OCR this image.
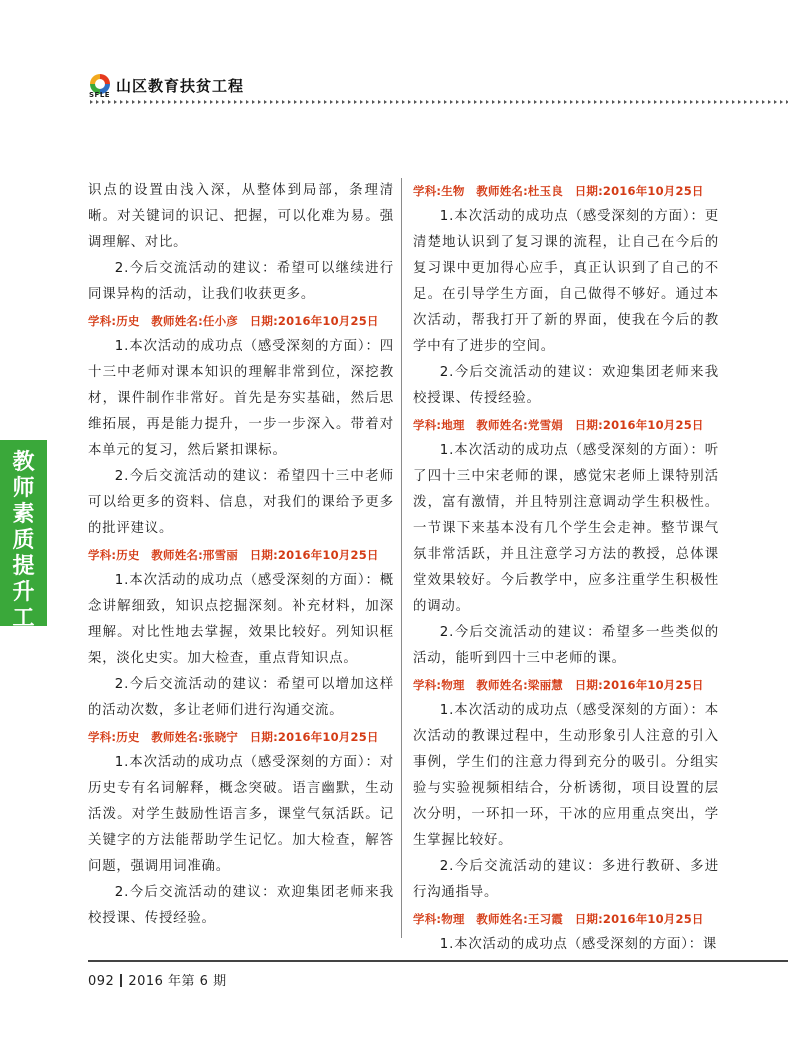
SFLE 山区教育扶贫工程
教
师
素
质
提
升
工
程

识点的设置由浅入深，从整体到局部，条理清晰。对关键词的识记、把握，可以化难为易。强调理解、对比。

2.今后交流活动的建议：希望可以继续进行同课异构的活动，让我们收获更多。

学科:历史　教师姓名:任小彦　日期:2016年10月25日

1.本次活动的成功点（感受深刻的方面）：四十三中老师对课本知识的理解非常到位，深挖教材，课件制作非常好。首先是夯实基础，然后思维拓展，再是能力提升，一步一步深入。带着对本单元的复习，然后紧扣课标。

2.今后交流活动的建议：希望四十三中老师可以给更多的资料、信息，对我们的课给予更多的批评建议。

学科:历史　教师姓名:邢雪丽　日期:2016年10月25日

1.本次活动的成功点（感受深刻的方面）：概念讲解细致，知识点挖掘深刻。补充材料，加深理解。对比性地去掌握，效果比较好。列知识框架，淡化史实。加大检查，重点背知识点。

2.今后交流活动的建议：希望可以增加这样的活动次数，多让老师们进行沟通交流。

学科:历史　教师姓名:张晓宁　日期:2016年10月25日

1.本次活动的成功点（感受深刻的方面）：对历史专有名词解释，概念突破。语言幽默，生动活泼。对学生鼓励性语言多，课堂气氛活跃。记关键字的方法能帮助学生记忆。加大检查，解答问题，强调用词准确。

2.今后交流活动的建议：欢迎集团老师来我校授课、传授经验。

学科:生物　教师姓名:杜玉良　日期:2016年10月25日

1.本次活动的成功点（感受深刻的方面）：更清楚地认识到了复习课的流程，让自己在今后的复习课中更加得心应手，真正认识到了自己的不足。在引导学生方面，自己做得不够好。通过本次活动，帮我打开了新的界面，使我在今后的教学中有了进步的空间。

2.今后交流活动的建议：欢迎集团老师来我校授课、传授经验。

学科:地理　教师姓名:党雪娟　日期:2016年10月25日

1.本次活动的成功点（感受深刻的方面）：听了四十三中宋老师的课，感觉宋老师上课特别活泼，富有激情，并且特别注意调动学生积极性。一节课下来基本没有几个学生会走神。整节课气氛非常活跃，并且注意学习方法的教授，总体课堂效果较好。今后教学中，应多注重学生积极性的调动。

2.今后交流活动的建议：希望多一些类似的活动，能听到四十三中老师的课。

学科:物理　教师姓名:梁丽慧　日期:2016年10月25日

1.本次活动的成功点（感受深刻的方面）：本次活动的教课过程中，生动形象引人注意的引入事例，学生们的注意力得到充分的吸引。分组实验与实验视频相结合，分析诱彻，项目设置的层次分明，一环扣一环，干冰的应用重点突出，学生掌握比较好。

2.今后交流活动的建议：多进行教研、多进行沟通指导。

学科:物理　教师姓名:王习霞　日期:2016年10月25日

1.本次活动的成功点（感受深刻的方面）：课

092 2016 年第 6 期
